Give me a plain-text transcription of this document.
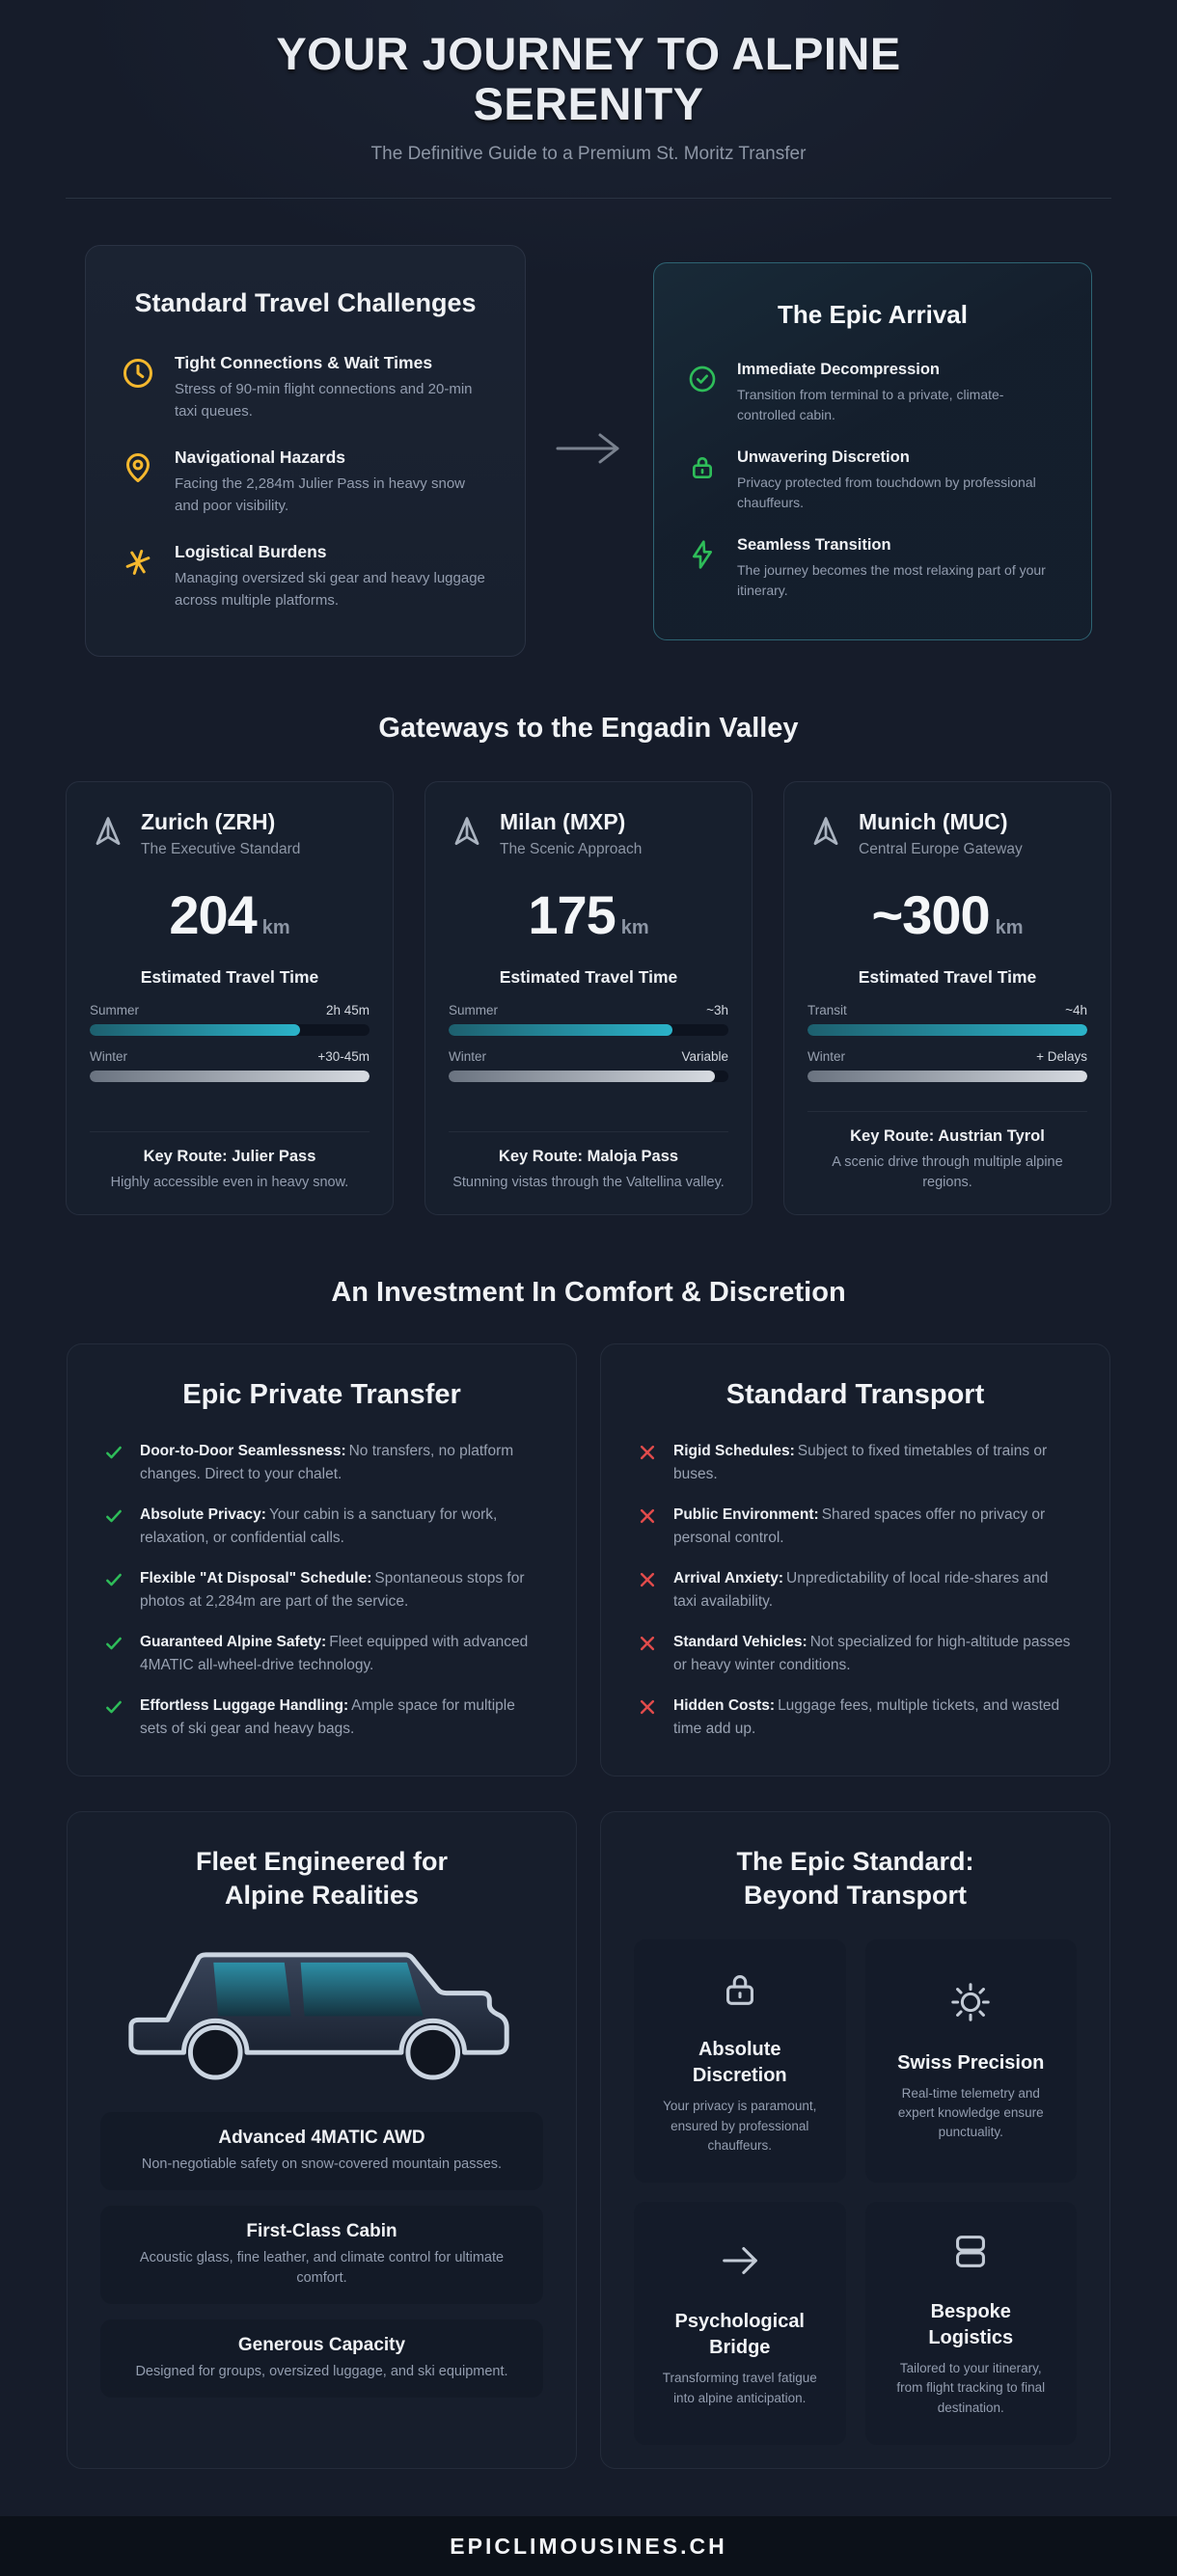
YOUR JOURNEY TO ALPINE
SERENITY
The Definitive Guide to a Premium St. Moritz Transfer
Standard Travel Challenges
Tight Connections & Wait Times

Stress of 90-min flight connections and 20-min taxi queues.

Navigational Hazards

Facing the 2,284m Julier Pass in heavy snow and poor visibility.

Logistical Burdens

Managing oversized ski gear and heavy luggage across multiple platforms.

The Epic Arrival
Immediate Decompression

Transition from terminal to a private, climate-controlled cabin.

Unwavering Discretion

Privacy protected from touchdown by professional chauffeurs.

Seamless Transition

The journey becomes the most relaxing part of your itinerary.

Gateways to the Engadin Valley
Zurich (ZRH)
The Executive Standard
204 km
Estimated Travel Time
Summer	2h 45m
Winter	+30-45m
Key Route: Julier Pass
Highly accessible even in heavy snow.
Milan (MXP)
The Scenic Approach
175 km
Estimated Travel Time
Summer	~3h
Winter	Variable
Key Route: Maloja Pass
Stunning vistas through the Valtellina valley.
Munich (MUC)
Central Europe Gateway
~300 km
Estimated Travel Time
Transit	~4h
Winter	+ Delays
Key Route: Austrian Tyrol
A scenic drive through multiple alpine regions.
An Investment In Comfort & Discretion
Epic Private Transfer
Door-to-Door Seamlessness: No transfers, no platform changes. Direct to your chalet.
Absolute Privacy: Your cabin is a sanctuary for work, relaxation, or confidential calls.
Flexible "At Disposal" Schedule: Spontaneous stops for photos at 2,284m are part of the service.
Guaranteed Alpine Safety: Fleet equipped with advanced 4MATIC all-wheel-drive technology.
Effortless Luggage Handling: Ample space for multiple sets of ski gear and heavy bags.
Standard Transport
Rigid Schedules: Subject to fixed timetables of trains or buses.
Public Environment: Shared spaces offer no privacy or personal control.
Arrival Anxiety: Unpredictability of local ride-shares and taxi availability.
Standard Vehicles: Not specialized for high-altitude passes or heavy winter conditions.
Hidden Costs: Luggage fees, multiple tickets, and wasted time add up.
Fleet Engineered for
Alpine Realities
Advanced 4MATIC AWD

Non-negotiable safety on snow-covered mountain passes.

First-Class Cabin

Acoustic glass, fine leather, and climate control for ultimate comfort.

Generous Capacity

Designed for groups, oversized luggage, and ski equipment.

The Epic Standard:
Beyond Transport
Absolute Discretion

Your privacy is paramount, ensured by professional chauffeurs.

Swiss Precision

Real-time telemetry and expert knowledge ensure punctuality.

Psychological Bridge

Transforming travel fatigue into alpine anticipation.

Bespoke Logistics

Tailored to your itinerary, from flight tracking to final destination.

EPICLIMOUSINES.CH
